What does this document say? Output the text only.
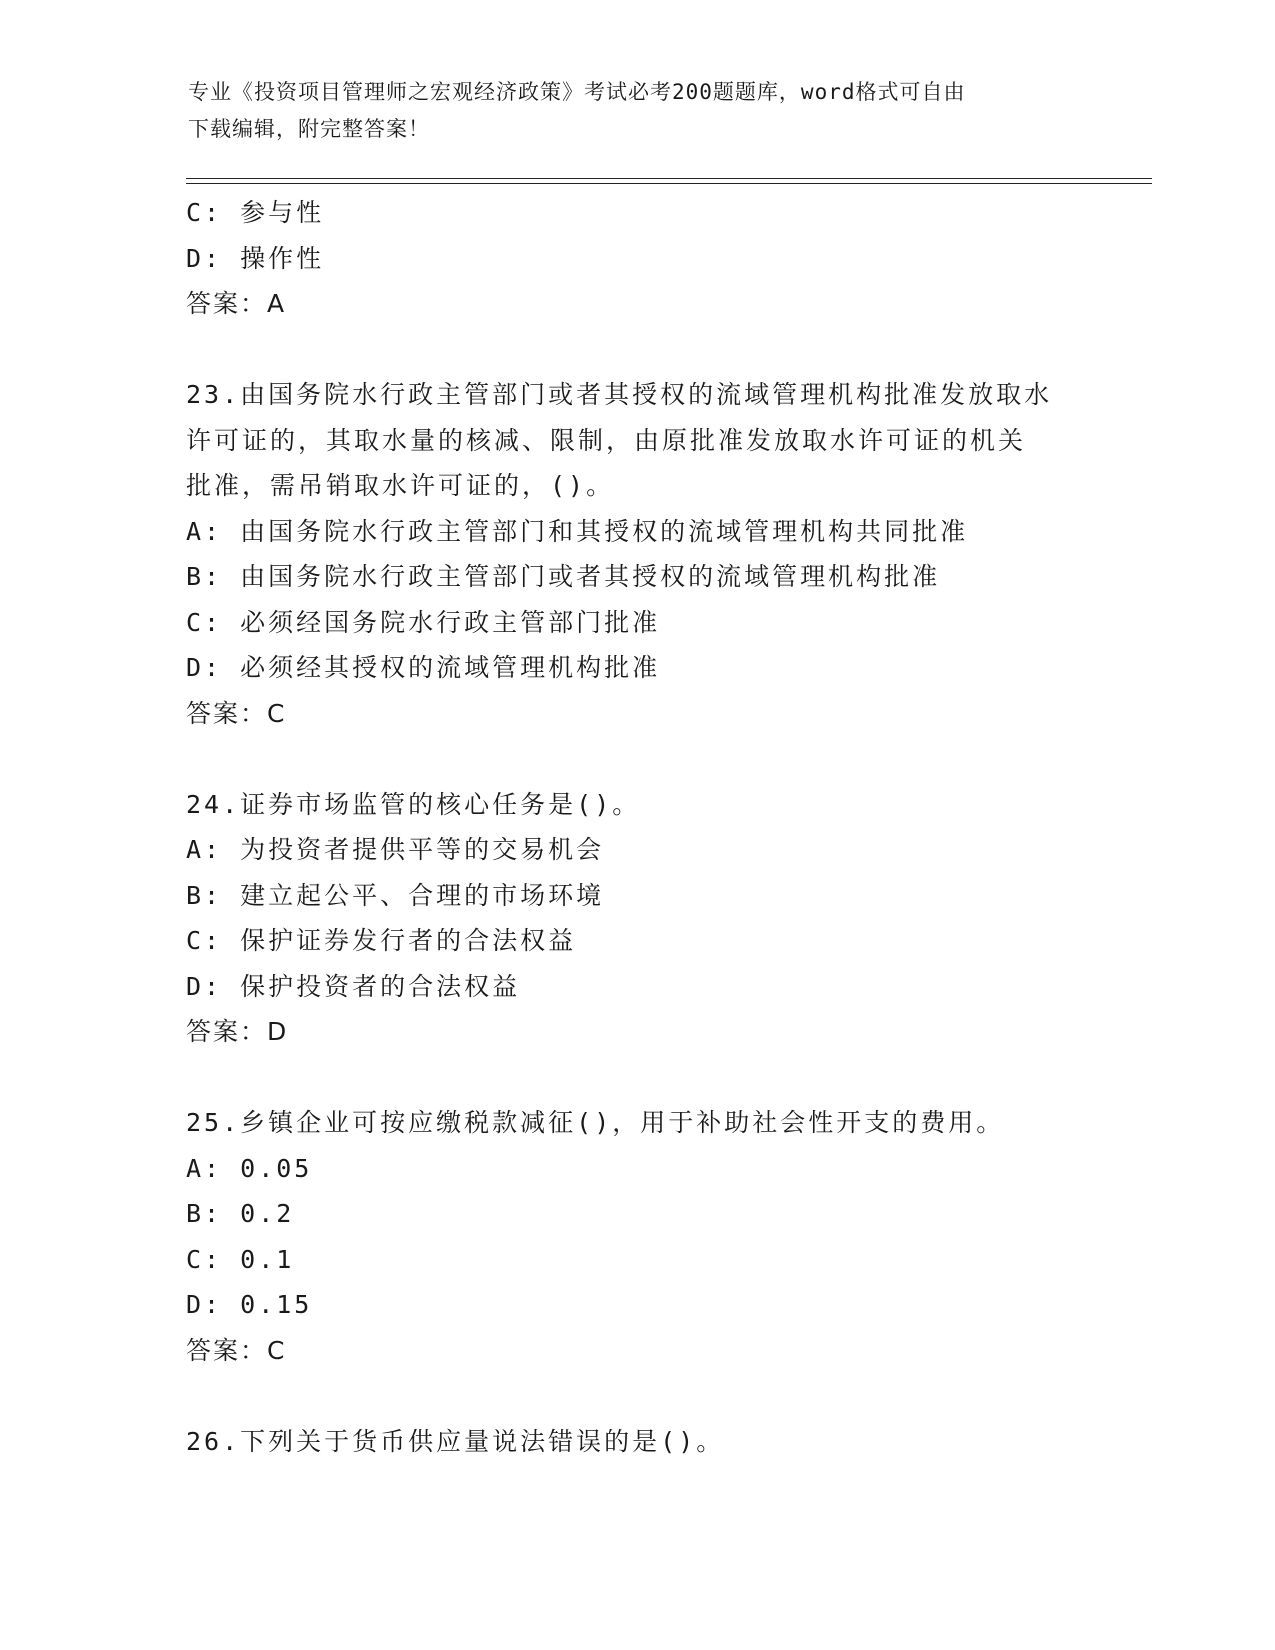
专业《投资项目管理师之宏观经济政策》考试必考200题题库，word格式可自由
下载编辑，附完整答案！
C: 参与性
D: 操作性
答案：A
23.由国务院水行政主管部门或者其授权的流域管理机构批准发放取水
许可证的，其取水量的核减、限制，由原批准发放取水许可证的机关
批准，需吊销取水许可证的，()。
A: 由国务院水行政主管部门和其授权的流域管理机构共同批准
B: 由国务院水行政主管部门或者其授权的流域管理机构批准
C: 必须经国务院水行政主管部门批准
D: 必须经其授权的流域管理机构批准
答案：C
24.证券市场监管的核心任务是()。
A: 为投资者提供平等的交易机会
B: 建立起公平、合理的市场环境
C: 保护证券发行者的合法权益
D: 保护投资者的合法权益
答案：D
25.乡镇企业可按应缴税款减征()，用于补助社会性开支的费用。
A: 0.05
B: 0.2
C: 0.1
D: 0.15
答案：C
26.下列关于货币供应量说法错误的是()。
